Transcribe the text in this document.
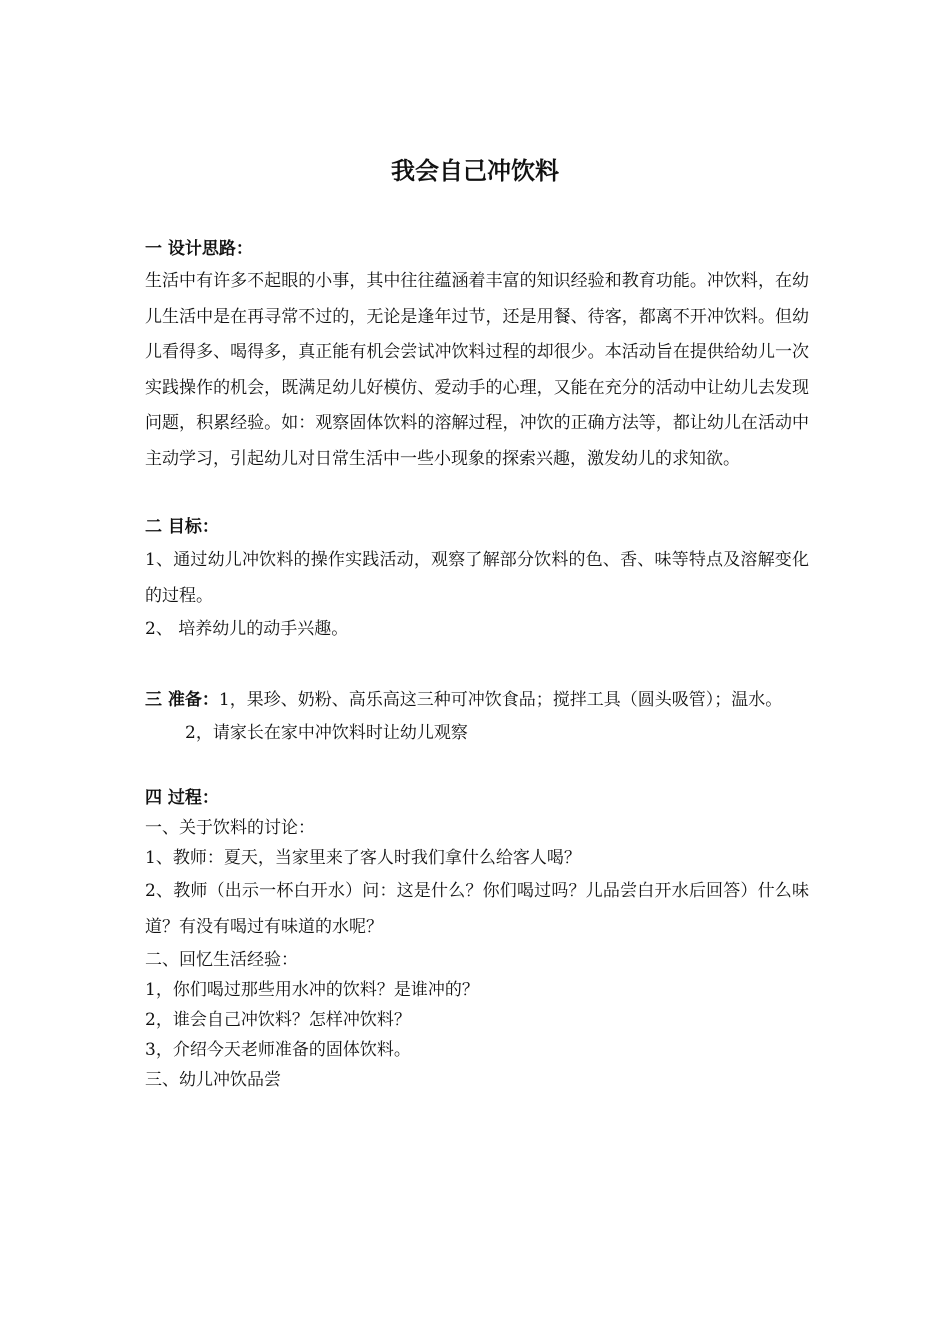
我会自己冲饮料

一 设计思路：

生活中有许多不起眼的小事，其中往往蕴涵着丰富的知识经验和教育功能。冲饮料，在幼儿生活中是在再寻常不过的，无论是逢年过节，还是用餐、待客，都离不开冲饮料。但幼儿看得多、喝得多，真正能有机会尝试冲饮料过程的却很少。本活动旨在提供给幼儿一次实践操作的机会，既满足幼儿好模仿、爱动手的心理，又能在充分的活动中让幼儿去发现问题，积累经验。如：观察固体饮料的溶解过程，冲饮的正确方法等，都让幼儿在活动中主动学习，引起幼儿对日常生活中一些小现象的探索兴趣，激发幼儿的求知欲。

二 目标：

1、通过幼儿冲饮料的操作实践活动，观察了解部分饮料的色、香、味等特点及溶解变化的过程。

2、 培养幼儿的动手兴趣。

三 准备：1，果珍、奶粉、高乐高这三种可冲饮食品；搅拌工具（圆头吸管）；温水。

2，请家长在家中冲饮料时让幼儿观察

四 过程：

一、关于饮料的讨论：

1、教师：夏天，当家里来了客人时我们拿什么给客人喝？

2、教师（出示一杯白开水）问：这是什么？你们喝过吗？儿品尝白开水后回答）什么味道？有没有喝过有味道的水呢？

二、回忆生活经验：

1，你们喝过那些用水冲的饮料？是谁冲的？

2，谁会自己冲饮料？怎样冲饮料？

3，介绍今天老师准备的固体饮料。

三、幼儿冲饮品尝
